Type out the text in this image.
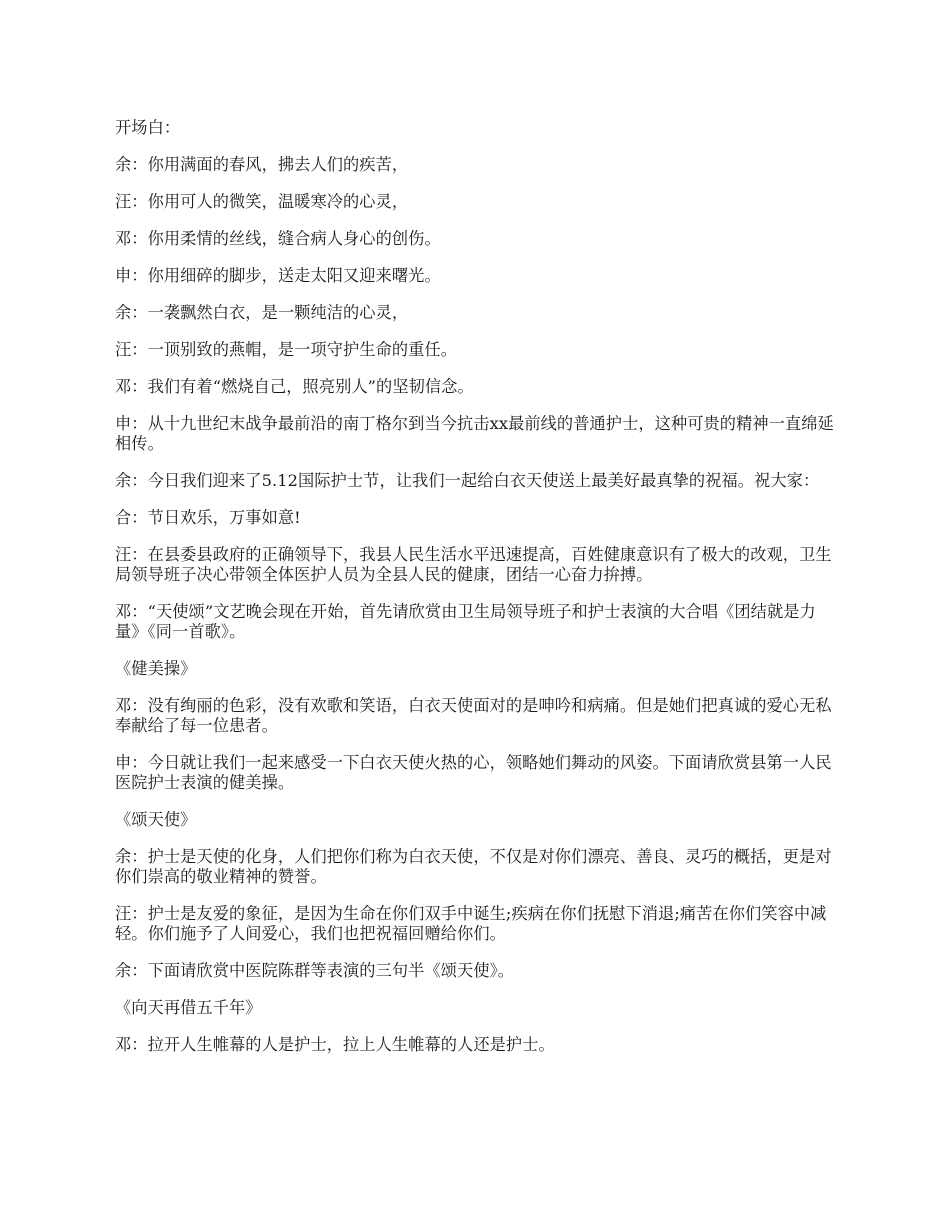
开场白：

余：你用满面的春风，拂去人们的疾苦，

汪：你用可人的微笑，温暖寒冷的心灵，

邓：你用柔情的丝线，缝合病人身心的创伤。

申：你用细碎的脚步，送走太阳又迎来曙光。

余：一袭飘然白衣，是一颗纯洁的心灵，

汪：一顶别致的燕帽，是一项守护生命的重任。

邓：我们有着“燃烧自己，照亮别人”的坚韧信念。

申：从十九世纪末战争最前沿的南丁格尔到当今抗击xx最前线的普通护士，这种可贵的精神一直绵延相传。

余：今日我们迎来了5.12国际护士节，让我们一起给白衣天使送上最美好最真挚的祝福。祝大家：

合：节日欢乐，万事如意!

汪：在县委县政府的正确领导下，我县人民生活水平迅速提高，百姓健康意识有了极大的改观，卫生局领导班子决心带领全体医护人员为全县人民的健康，团结一心奋力拚搏。

邓：“天使颂”文艺晚会现在开始，首先请欣赏由卫生局领导班子和护士表演的大合唱《团结就是力量》《同一首歌》。

《健美操》

邓：没有绚丽的色彩，没有欢歌和笑语，白衣天使面对的是呻吟和病痛。但是她们把真诚的爱心无私奉献给了每一位患者。

申：今日就让我们一起来感受一下白衣天使火热的心，领略她们舞动的风姿。下面请欣赏县第一人民医院护士表演的健美操。

《颂天使》

余：护士是天使的化身，人们把你们称为白衣天使，不仅是对你们漂亮、善良、灵巧的概括，更是对你们崇高的敬业精神的赞誉。

汪：护士是友爱的象征，是因为生命在你们双手中诞生;疾病在你们抚慰下消退;痛苦在你们笑容中减轻。你们施予了人间爱心，我们也把祝福回赠给你们。

余：下面请欣赏中医院陈群等表演的三句半《颂天使》。

《向天再借五千年》

邓：拉开人生帷幕的人是护士，拉上人生帷幕的人还是护士。
